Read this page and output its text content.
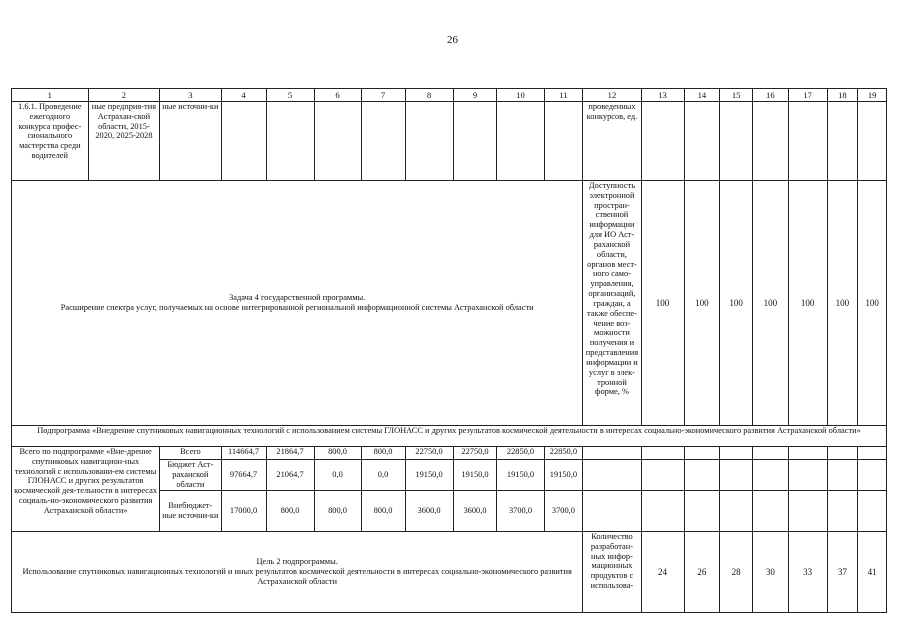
26
1	2	3	4	5	6	7	8	9	10	11	12	13	14	15	16	17	18	19
1.6.1. Проведение ежегодного конкурса профес-сионального мастерства среди водителей	ные предприя-тия Астрахан-ской области, 2015-2020, 2025-2028	ные источни-ки									проведенных конкурсов, ед.							

Задача 4 государственной программы.
Расширение спектра услуг, получаемых на основе интегрированной региональной информационной системы Астраханской области											Доступность электронной простран-ственной информации для ИО Аст-раханской области, органов мест-ного само-управления, организаций, граждан, а также обеспе-чение воз-можности получения и представления информации и услуг в элек-тронной форме, %	100	100	100	100	100	100	100
Подпрограмма «Внедрение спутниковых навигационных технологий с использованием системы ГЛОНАСС и других результатов космической деятельности в интересах социально-экономического развития Астраханской области»																		
Всего по подпрограмме «Вне-дрение спутниковых навигацион-ных технологий с использовани-ем системы ГЛОНАСС и других результатов космической дея-тельности в интересах социаль-но-экономического развития Астраханской области»		Всего	114664,7	21864,7	800,0	800,0	22750,0	22750,0	22850,0	22850,0								
		Бюджет Аст-раханской области	97664,7	21064,7	0,0	0,0	19150,0	19150,0	19150,0	19150,0								
		Внебюджет-ные источни-ки	17000,0	800,0	800,0	800,0	3600,0	3600,0	3700,0	3700,0								

Цель 2 подпрограммы.
Использование спутниковых навигационных технологий и иных результатов космической деятельности в интересах социально-экономического развития Астраханской области											Количество разработан-ных инфор-мационных продуктов с использова-	24	26	28	30	33	37	41
